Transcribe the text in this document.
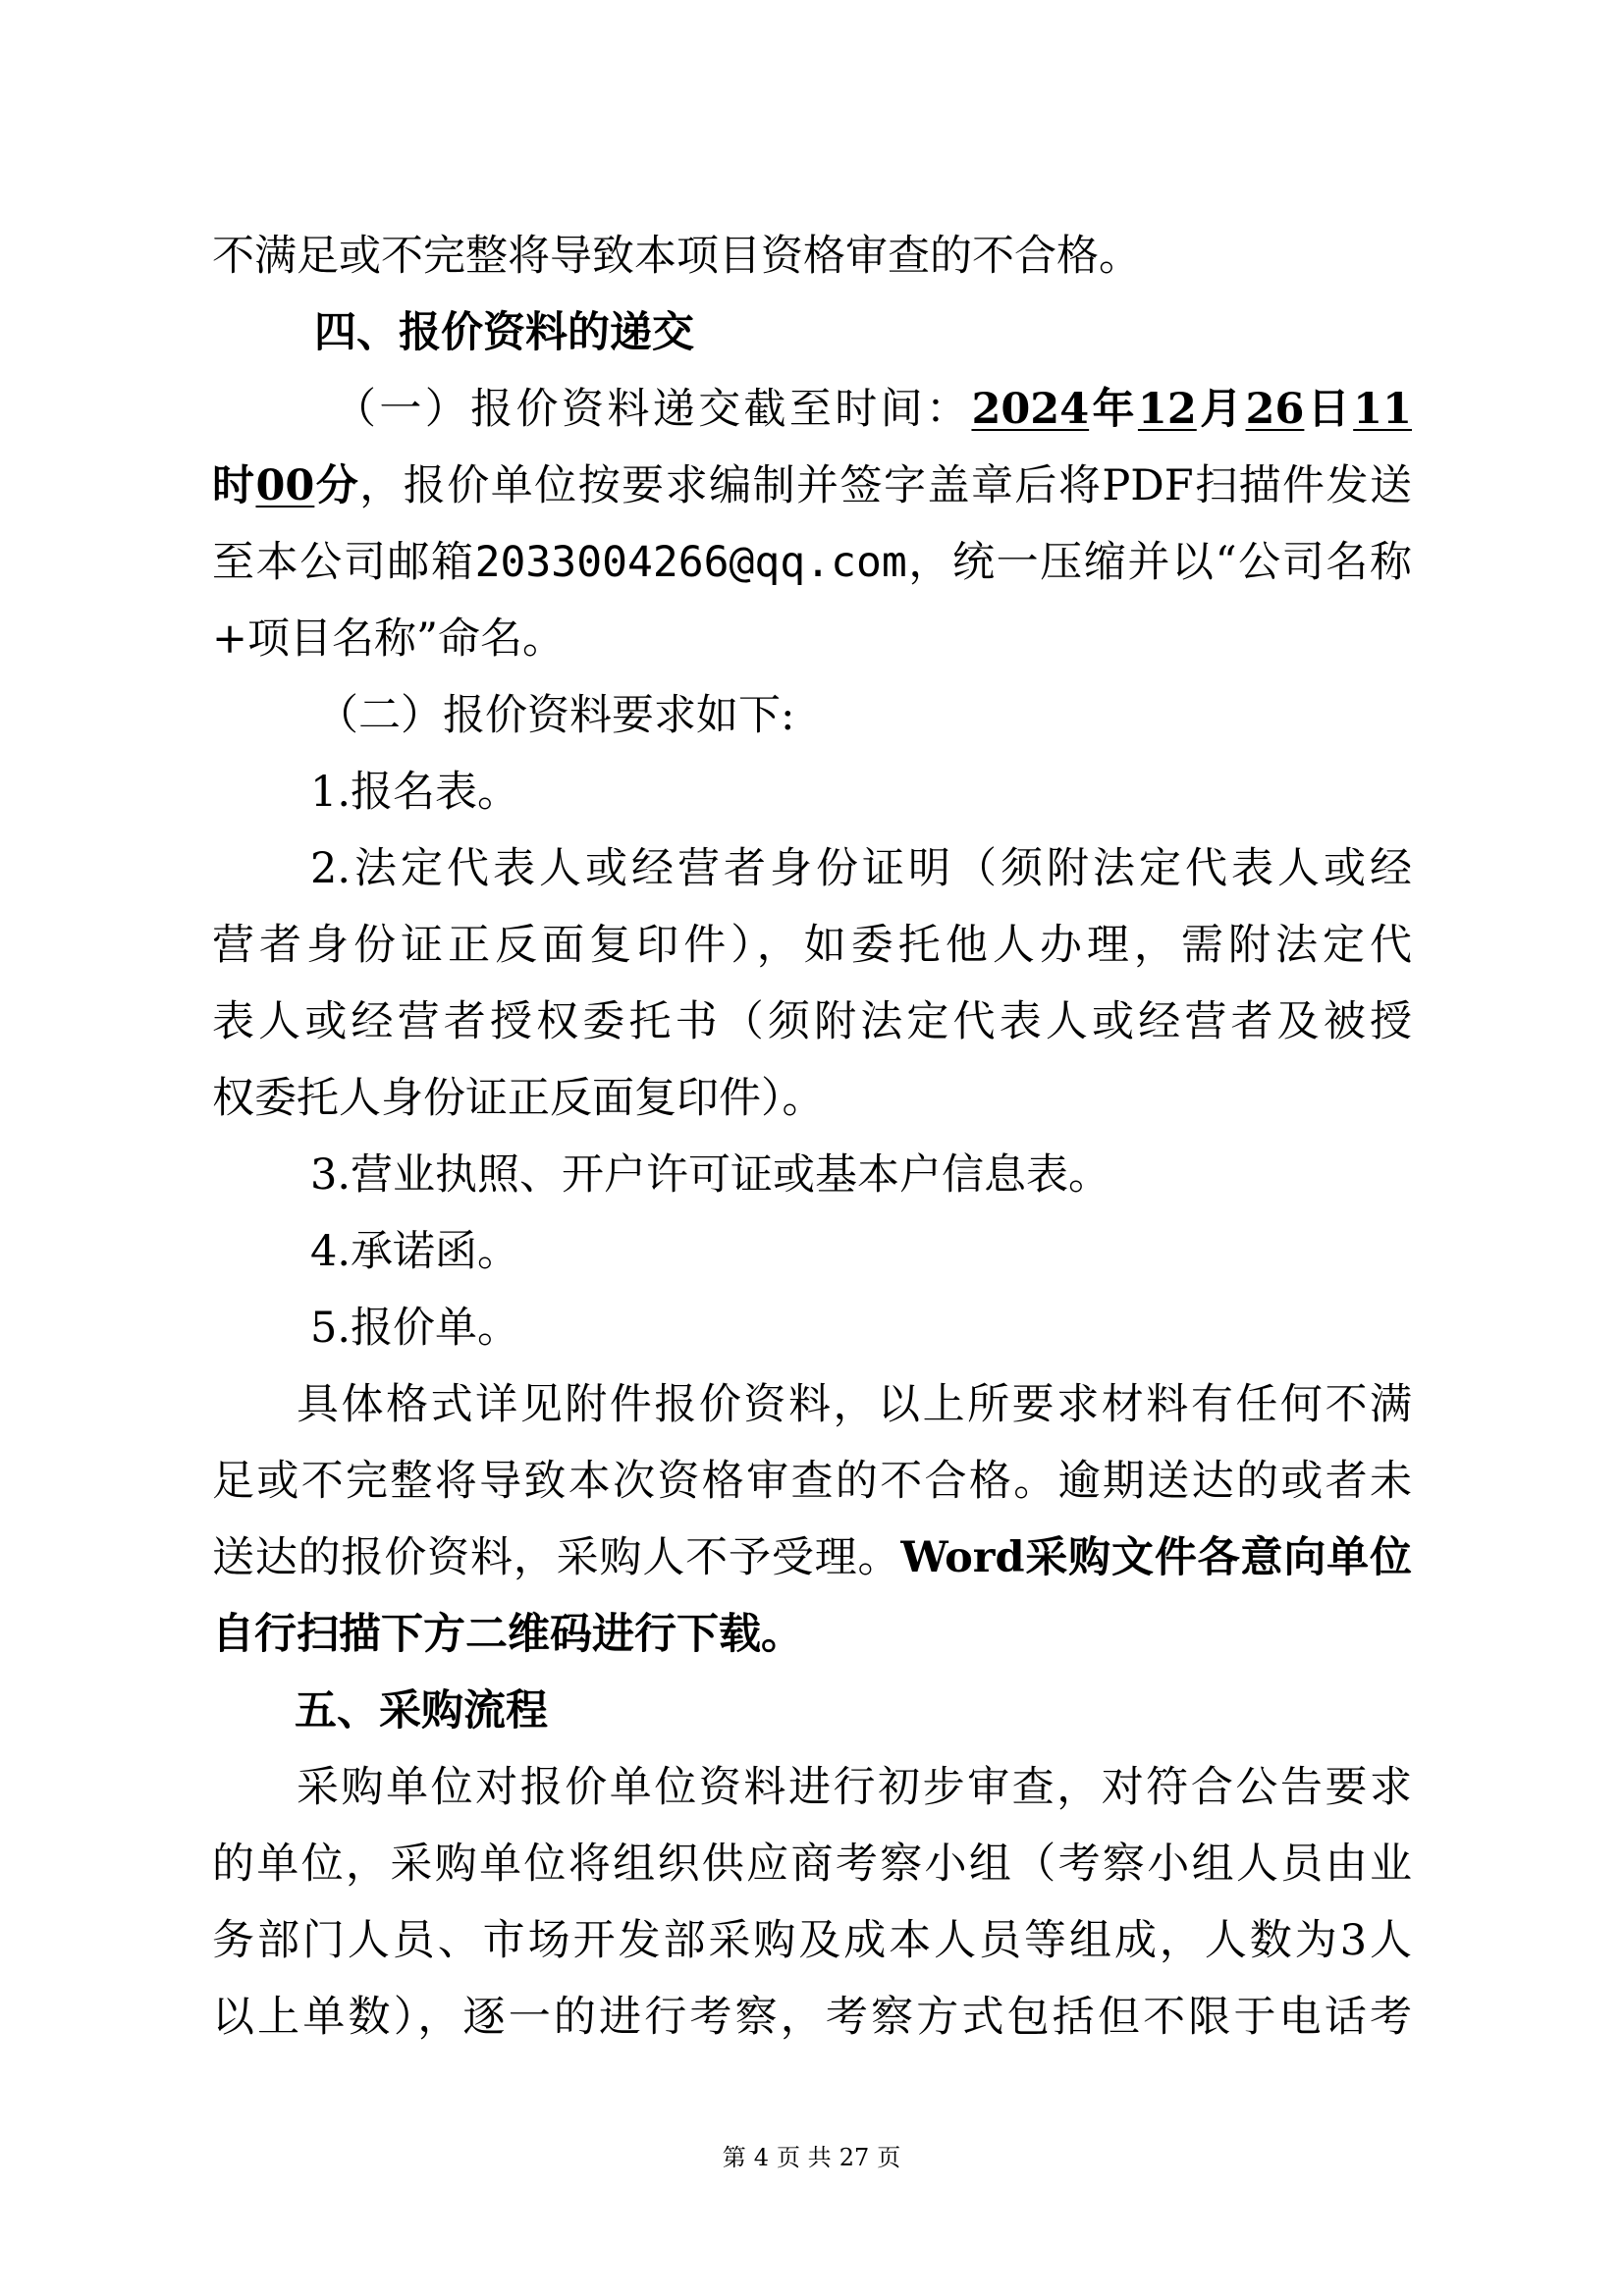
不满足或不完整将导致本项目资格审查的不合格。
四、报价资料的递交
（一）报价资料递交截至时间：2024年12月26日11
时00分，报价单位按要求编制并签字盖章后将PDF扫描件发送
至本公司邮箱2033004266@qq.com，统一压缩并以“公司名称
+项目名称”命名。
（二）报价资料要求如下:
1.报名表。
2.法定代表人或经营者身份证明（须附法定代表人或经
营者身份证正反面复印件），如委托他人办理，需附法定代
表人或经营者授权委托书（须附法定代表人或经营者及被授
权委托人身份证正反面复印件）。
3.营业执照、开户许可证或基本户信息表。
4.承诺函。
5.报价单。
具体格式详见附件报价资料，以上所要求材料有任何不满
足或不完整将导致本次资格审查的不合格。逾期送达的或者未
送达的报价资料，采购人不予受理。Word采购文件各意向单位
自行扫描下方二维码进行下载。
五、采购流程
采购单位对报价单位资料进行初步审查，对符合公告要求
的单位，采购单位将组织供应商考察小组（考察小组人员由业
务部门人员、市场开发部采购及成本人员等组成，人数为3人
以上单数），逐一的进行考察，考察方式包括但不限于电话考
第 4 页 共 27 页
